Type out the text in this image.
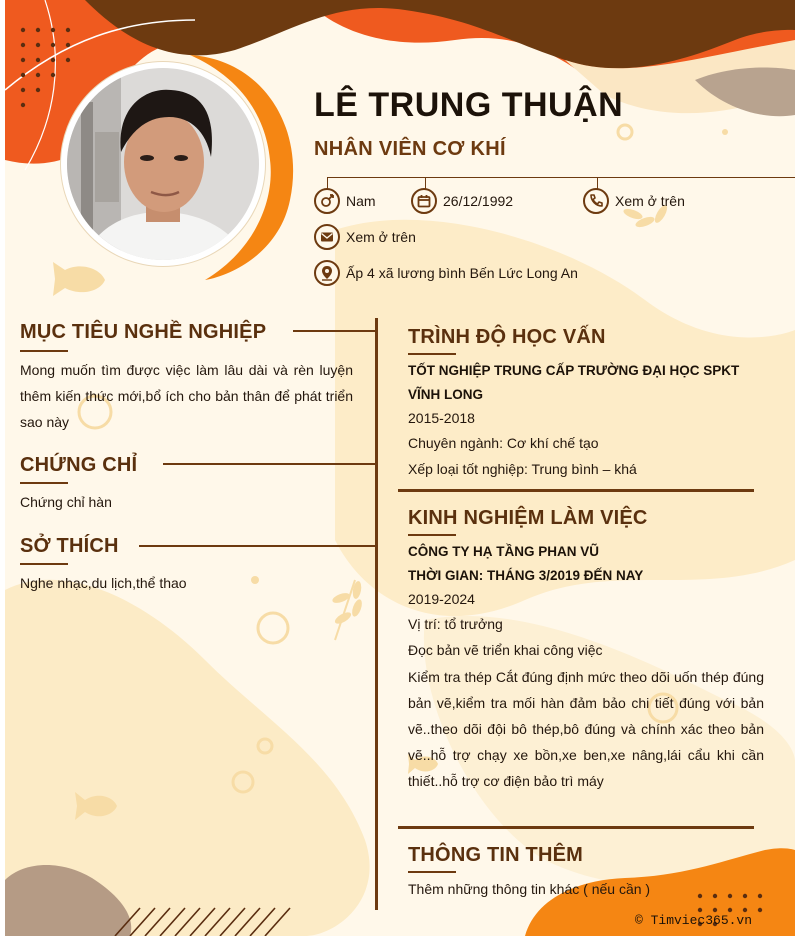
LÊ TRUNG THUẬN
NHÂN VIÊN CƠ KHÍ
Nam	26/12/1992	Xem ở trên
Xem ở trên
Ấp 4 xã lương bình Bến Lức Long An
MỤC TIÊU NGHỀ NGHIỆP
Mong muốn tìm được việc làm lâu dài và rèn luyện thêm kiến thức mới,bổ ích cho bản thân để phát triển sao này
CHỨNG CHỈ
Chứng chỉ hàn
SỞ THÍCH
Nghe nhạc,du lịch,thể thao
TRÌNH ĐỘ HỌC VẤN
TỐT NGHIỆP TRUNG CẤP TRƯỜNG ĐẠI HỌC SPKT VĨNH LONG
2015-2018
Chuyên ngành: Cơ khí chế tạo
Xếp loại tốt nghiệp: Trung bình – khá
KINH NGHIỆM LÀM VIỆC
CÔNG TY HẠ TẦNG PHAN VŨ
THỜI GIAN: THÁNG 3/2019 ĐẾN NAY
2019-2024
Vị trí: tổ trưởng
Đọc bản vẽ triển khai công việc
Kiểm tra thép Cắt đúng định mức theo dõi uốn thép đúng bản vẽ,kiểm tra mối hàn đảm bảo chi tiết đúng với bản vẽ..theo dõi đội bô thép,bô đúng và chính xác theo bản vẽ..hỗ trợ chạy xe bồn,xe ben,xe nâng,lái cẩu khi cần thiết..hỗ trợ cơ điện bảo trì máy
THÔNG TIN THÊM
Thêm những thông tin khác ( nếu cần )
© Timviec365.vn
